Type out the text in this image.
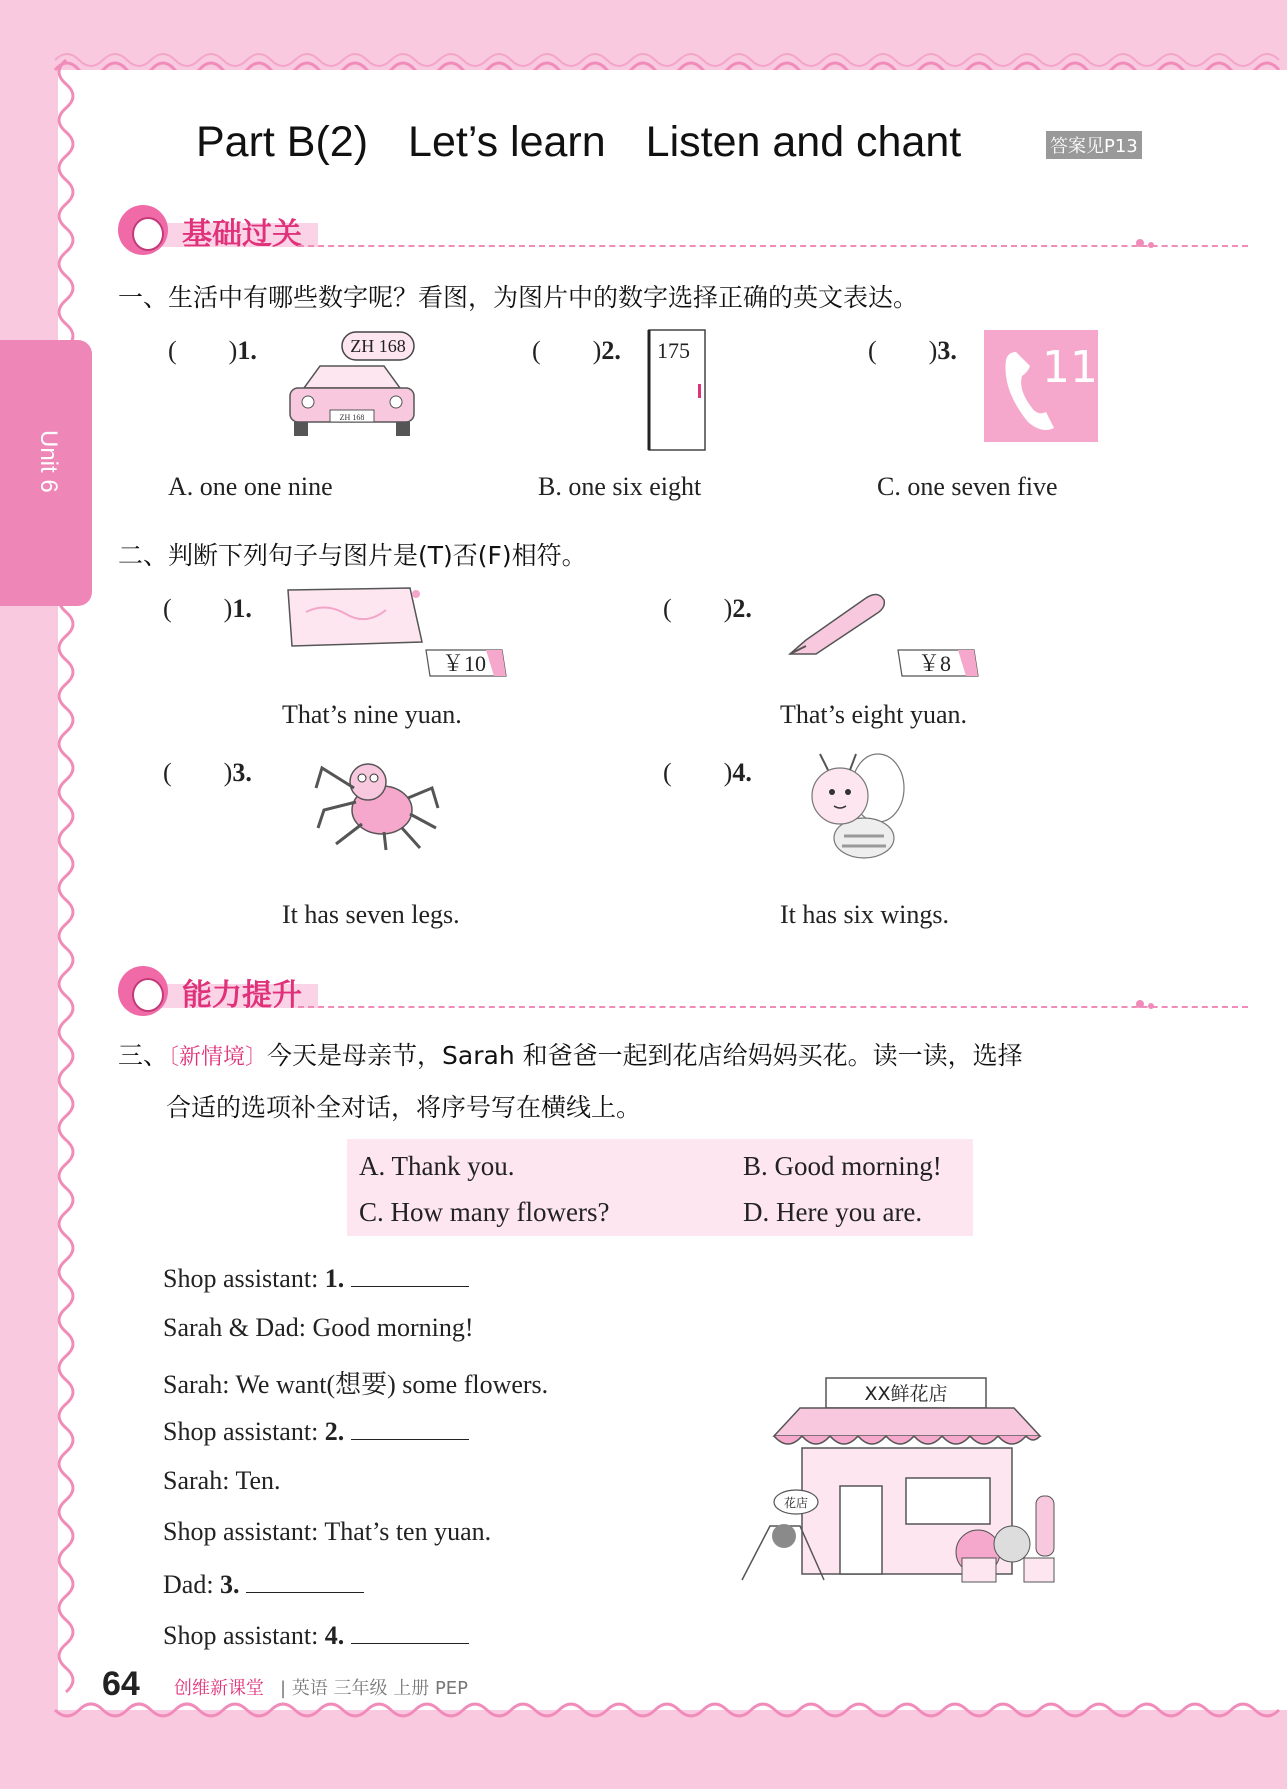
Unit 6
Part B(2) Let’s learn Listen and chant	答案见P13
基础过关
一、生活中有哪些数字呢？看图，为图片中的数字选择正确的英文表达。
(　　)1.	ZH 168
ZH 168
(　　)2. 175	(　　)3. 119
A. one one nine	B. one six eight	C. one seven five
二、判断下列句子与图片是(T)否(F)相符。
(　　)1.
￥10
That’s nine yuan.
(　　)2.
￥8
That’s eight yuan.
(　　)3.
It has seven legs.
(　　)4.
It has six wings.
能力提升
三、〔新情境〕今天是母亲节，Sarah 和爸爸一起到花店给妈妈买花。读一读，选择
合适的选项补全对话，将序号写在横线上。
A. Thank you.	B. Good morning!
C. How many flowers?	D. Here you are.
Shop assistant: 1.
Sarah & Dad: Good morning!
Sarah: We want(想要) some flowers.
Shop assistant: 2.
Sarah: Ten.
Shop assistant: That’s ten yuan.
Dad: 3.
Shop assistant: 4.
XX鲜花店
花店
64 创维新课堂 | 英语 三年级 上册 PEP
